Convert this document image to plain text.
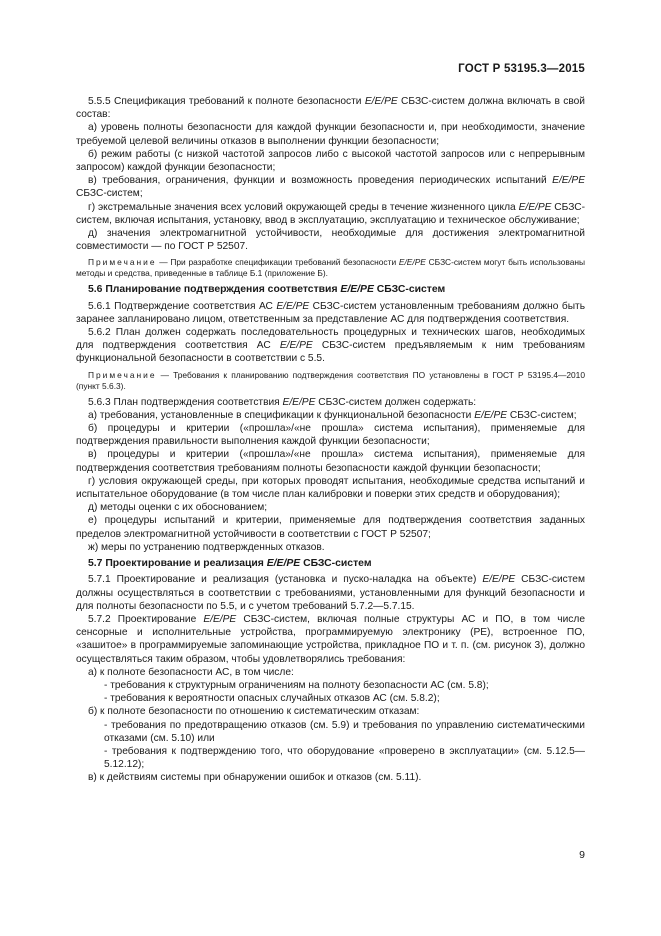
ГОСТ Р 53195.3—2015

5.5.5 Спецификация требований к полноте безопасности E/E/PE СБЗС-систем должна включать в свой состав:

а) уровень полноты безопасности для каждой функции безопасности и, при необходимости, значение требуемой целевой величины отказов в выполнении функции безопасности;

б) режим работы (с низкой частотой запросов либо с высокой частотой запросов или с непрерывным запросом) каждой функции безопасности;

в) требования, ограничения, функции и возможность проведения периодических испытаний E/E/PE СБЗС-систем;

г) экстремальные значения всех условий окружающей среды в течение жизненного цикла E/E/PE СБЗС-систем, включая испытания, установку, ввод в эксплуатацию, эксплуатацию и техническое обслуживание;

д) значения электромагнитной устойчивости, необходимые для достижения электромагнитной совместимости — по ГОСТ Р 52507.

Примечание — При разработке спецификации требований безопасности E/E/PE СБЗС-систем могут быть использованы методы и средства, приведенные в таблице Б.1 (приложение Б).

5.6 Планирование подтверждения соответствия E/E/PE СБЗС-систем

5.6.1 Подтверждение соответствия АС E/E/PE СБЗС-систем установленным требованиям должно быть заранее запланировано лицом, ответственным за представление АС для подтверждения соответствия.

5.6.2 План должен содержать последовательность процедурных и технических шагов, необходимых для подтверждения соответствия АС E/E/PE СБЗС-систем предъявляемым к ним требованиям функциональной безопасности в соответствии с 5.5.

Примечание — Требования к планированию подтверждения соответствия ПО установлены в ГОСТ Р 53195.4—2010 (пункт 5.6.3).

5.6.3 План подтверждения соответствия E/E/PE СБЗС-систем должен содержать:

а) требования, установленные в спецификации к функциональной безопасности E/E/PE СБЗС-систем;

б) процедуры и критерии («прошла»/«не прошла» система испытания), применяемые для подтверждения правильности выполнения каждой функции безопасности;

в) процедуры и критерии («прошла»/«не прошла» система испытания), применяемые для подтверждения соответствия требованиям полноты безопасности каждой функции безопасности;

г) условия окружающей среды, при которых проводят испытания, необходимые средства испытаний и испытательное оборудование (в том числе план калибровки и поверки этих средств и оборудования);

д) методы оценки с их обоснованием;

е) процедуры испытаний и критерии, применяемые для подтверждения соответствия заданных пределов электромагнитной устойчивости в соответствии с ГОСТ Р 52507;

ж) меры по устранению подтвержденных отказов.

5.7 Проектирование и реализация E/E/PE СБЗС-систем

5.7.1 Проектирование и реализация (установка и пуско-наладка на объекте) E/E/PE СБЗС-систем должны осуществляться в соответствии с требованиями, установленными для функций безопасности и для полноты безопасности по 5.5, и с учетом требований 5.7.2—5.7.15.

5.7.2 Проектирование E/E/PE СБЗС-систем, включая полные структуры АС и ПО, в том числе сенсорные и исполнительные устройства, программируемую электронику (PE), встроенное ПО, «зашитое» в программируемые запоминающие устройства, прикладное ПО и т. п. (см. рисунок 3), должно осуществляться таким образом, чтобы удовлетворялись требования:

а) к полноте безопасности АС, в том числе:

- требования к структурным ограничениям на полноту безопасности АС (см. 5.8);

- требования к вероятности опасных случайных отказов АС (см. 5.8.2);

б) к полноте безопасности по отношению к систематическим отказам:

- требования по предотвращению отказов (см. 5.9) и требования по управлению систематическими отказами (см. 5.10) или

- требования к подтверждению того, что оборудование «проверено в эксплуатации» (см. 5.12.5—5.12.12);

в) к действиям системы при обнаружении ошибок и отказов (см. 5.11).

9
